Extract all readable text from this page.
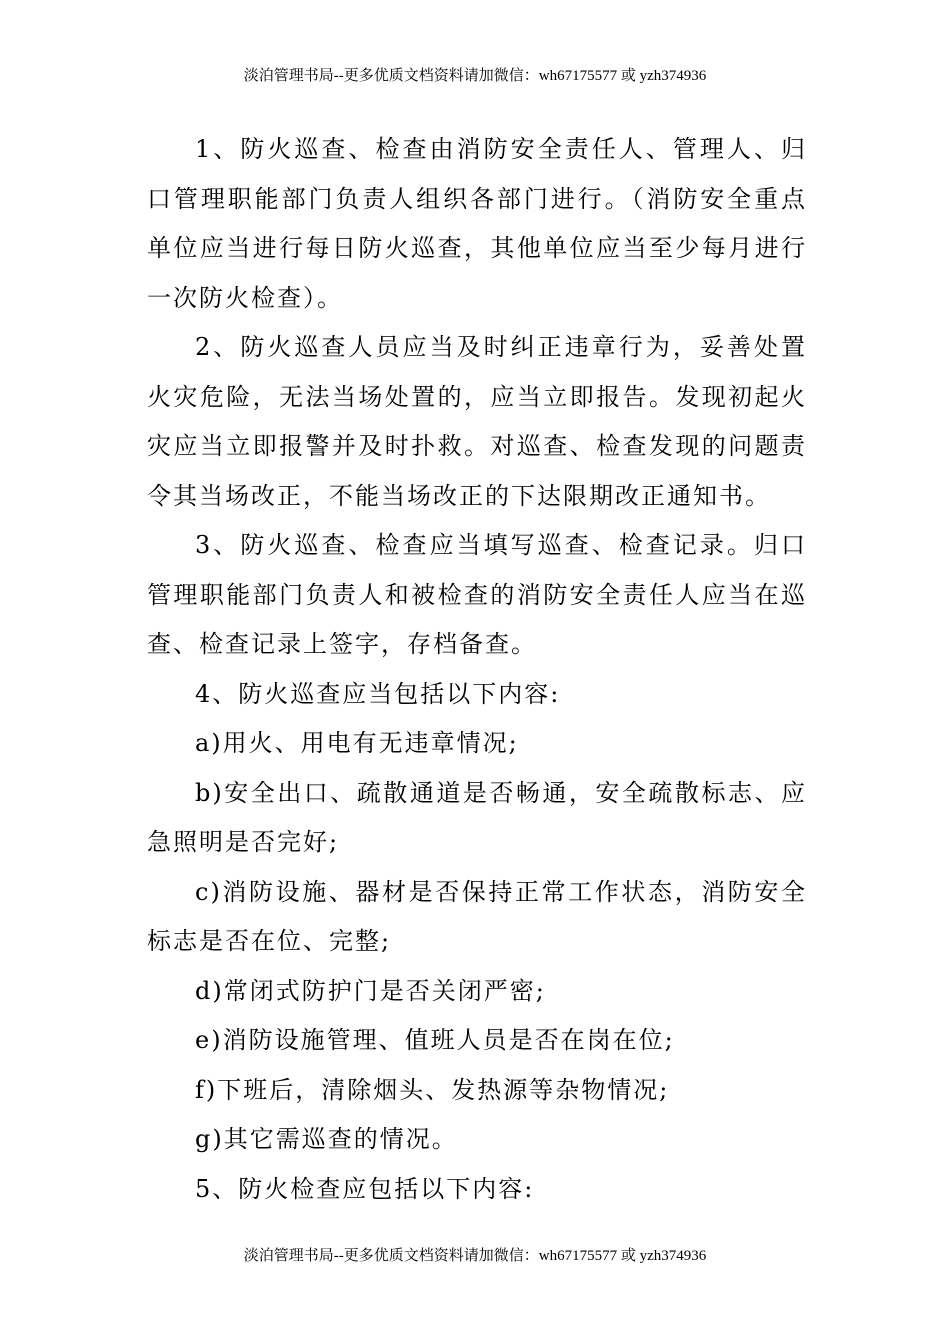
淡泊管理书局--更多优质文档资料请加微信：wh67175577 或 yzh374936

1、防火巡查、检查由消防安全责任人、管理人、归口管理职能部门负责人组织各部门进行。（消防安全重点单位应当进行每日防火巡查，其他单位应当至少每月进行一次防火检查）。

2、防火巡查人员应当及时纠正违章行为，妥善处置火灾危险，无法当场处置的，应当立即报告。发现初起火灾应当立即报警并及时扑救。对巡查、检查发现的问题责令其当场改正，不能当场改正的下达限期改正通知书。

3、防火巡查、检查应当填写巡查、检查记录。归口管理职能部门负责人和被检查的消防安全责任人应当在巡查、检查记录上签字，存档备查。

4、防火巡查应当包括以下内容:

a)用火、用电有无违章情况;

b)安全出口、疏散通道是否畅通，安全疏散标志、应急照明是否完好;

c)消防设施、器材是否保持正常工作状态，消防安全标志是否在位、完整;

d)常闭式防护门是否关闭严密;

e)消防设施管理、值班人员是否在岗在位;

f)下班后，清除烟头、发热源等杂物情况;

g)其它需巡查的情况。

5、防火检查应包括以下内容:

淡泊管理书局--更多优质文档资料请加微信：wh67175577 或 yzh374936
